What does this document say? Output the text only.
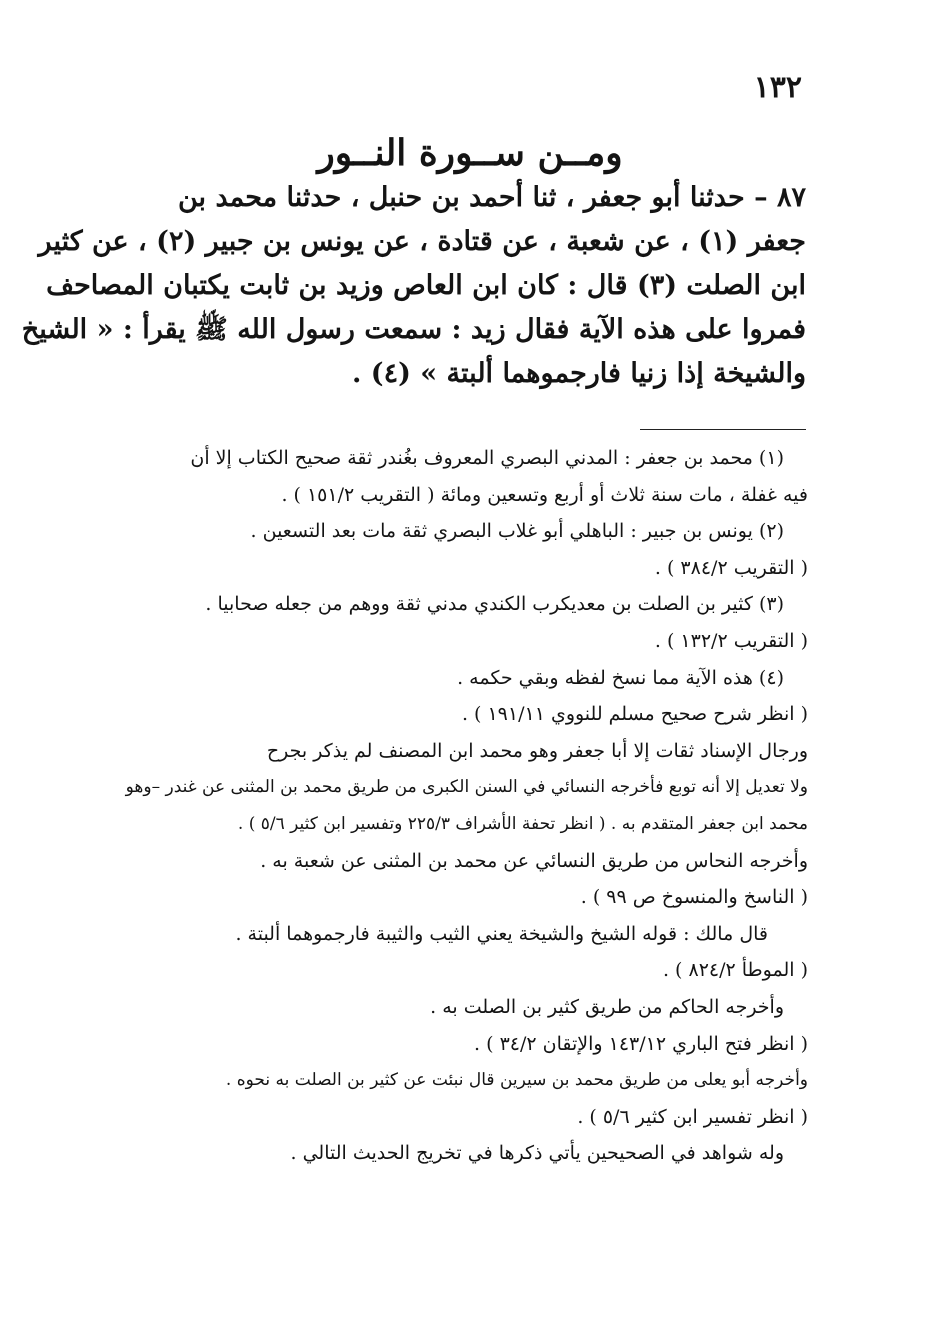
١٣٢
ومــن ســورة النــور
٨٧ – حدثنا أبو جعفر ، ثنا أحمد بن حنبل ، حدثنا محمد بن
جعفر (١) ، عن شعبة ، عن قتادة ، عن يونس بن جبير (٢) ، عن كثير
ابن الصلت (٣) قال : كان ابن العاص وزيد بن ثابت يكتبان المصاحف
فمروا على هذه الآية فقال زيد : سمعت رسول الله ﷺ يقرأ : « الشيخ
والشيخة إذا زنيا فارجموهما ألبتة » (٤) .
(١) محمد بن جعفر : المدني البصري المعروف بغُندر ثقة صحيح الكتاب إلا أن
فيه غفلة ، مات سنة ثلاث أو أربع وتسعين ومائة ( التقريب ١٥١/٢ ) .
(٢) يونس بن جبير : الباهلي أبو غلاب البصري ثقة مات بعد التسعين .
( التقريب ٣٨٤/٢ ) .
(٣) كثير بن الصلت بن معديكرب الكندي مدني ثقة ووهم من جعله صحابيا .
( التقريب ١٣٢/٢ ) .
(٤) هذه الآية مما نسخ لفظه وبقي حكمه .
( انظر شرح صحيح مسلم للنووي ١٩١/١١ ) .
ورجال الإسناد ثقات إلا أبا جعفر وهو محمد ابن المصنف لم يذكر بجرح
ولا تعديل إلا أنه توبع فأخرجه النسائي في السنن الكبرى من طريق محمد بن المثنى عن غندر –وهو
محمد ابن جعفر المتقدم به . ( انظر تحفة الأشراف ٢٢٥/٣ وتفسير ابن كثير ٥/٦ ) .
وأخرجه النحاس من طريق النسائي عن محمد بن المثنى عن شعبة به .
( الناسخ والمنسوخ ص ٩٩ ) .
قال مالك : قوله الشيخ والشيخة يعني الثيب والثيبة فارجموهما ألبتة .
( الموطأ ٨٢٤/٢ ) .
وأخرجه الحاكم من طريق كثير بن الصلت به .
( انظر فتح الباري ١٤٣/١٢ والإتقان ٣٤/٢ ) .
وأخرجه أبو يعلى من طريق محمد بن سيرين قال نبئت عن كثير بن الصلت به نحوه .
( انظر تفسير ابن كثير ٥/٦ ) .
وله شواهد في الصحيحين يأتي ذكرها في تخريج الحديث التالي .
